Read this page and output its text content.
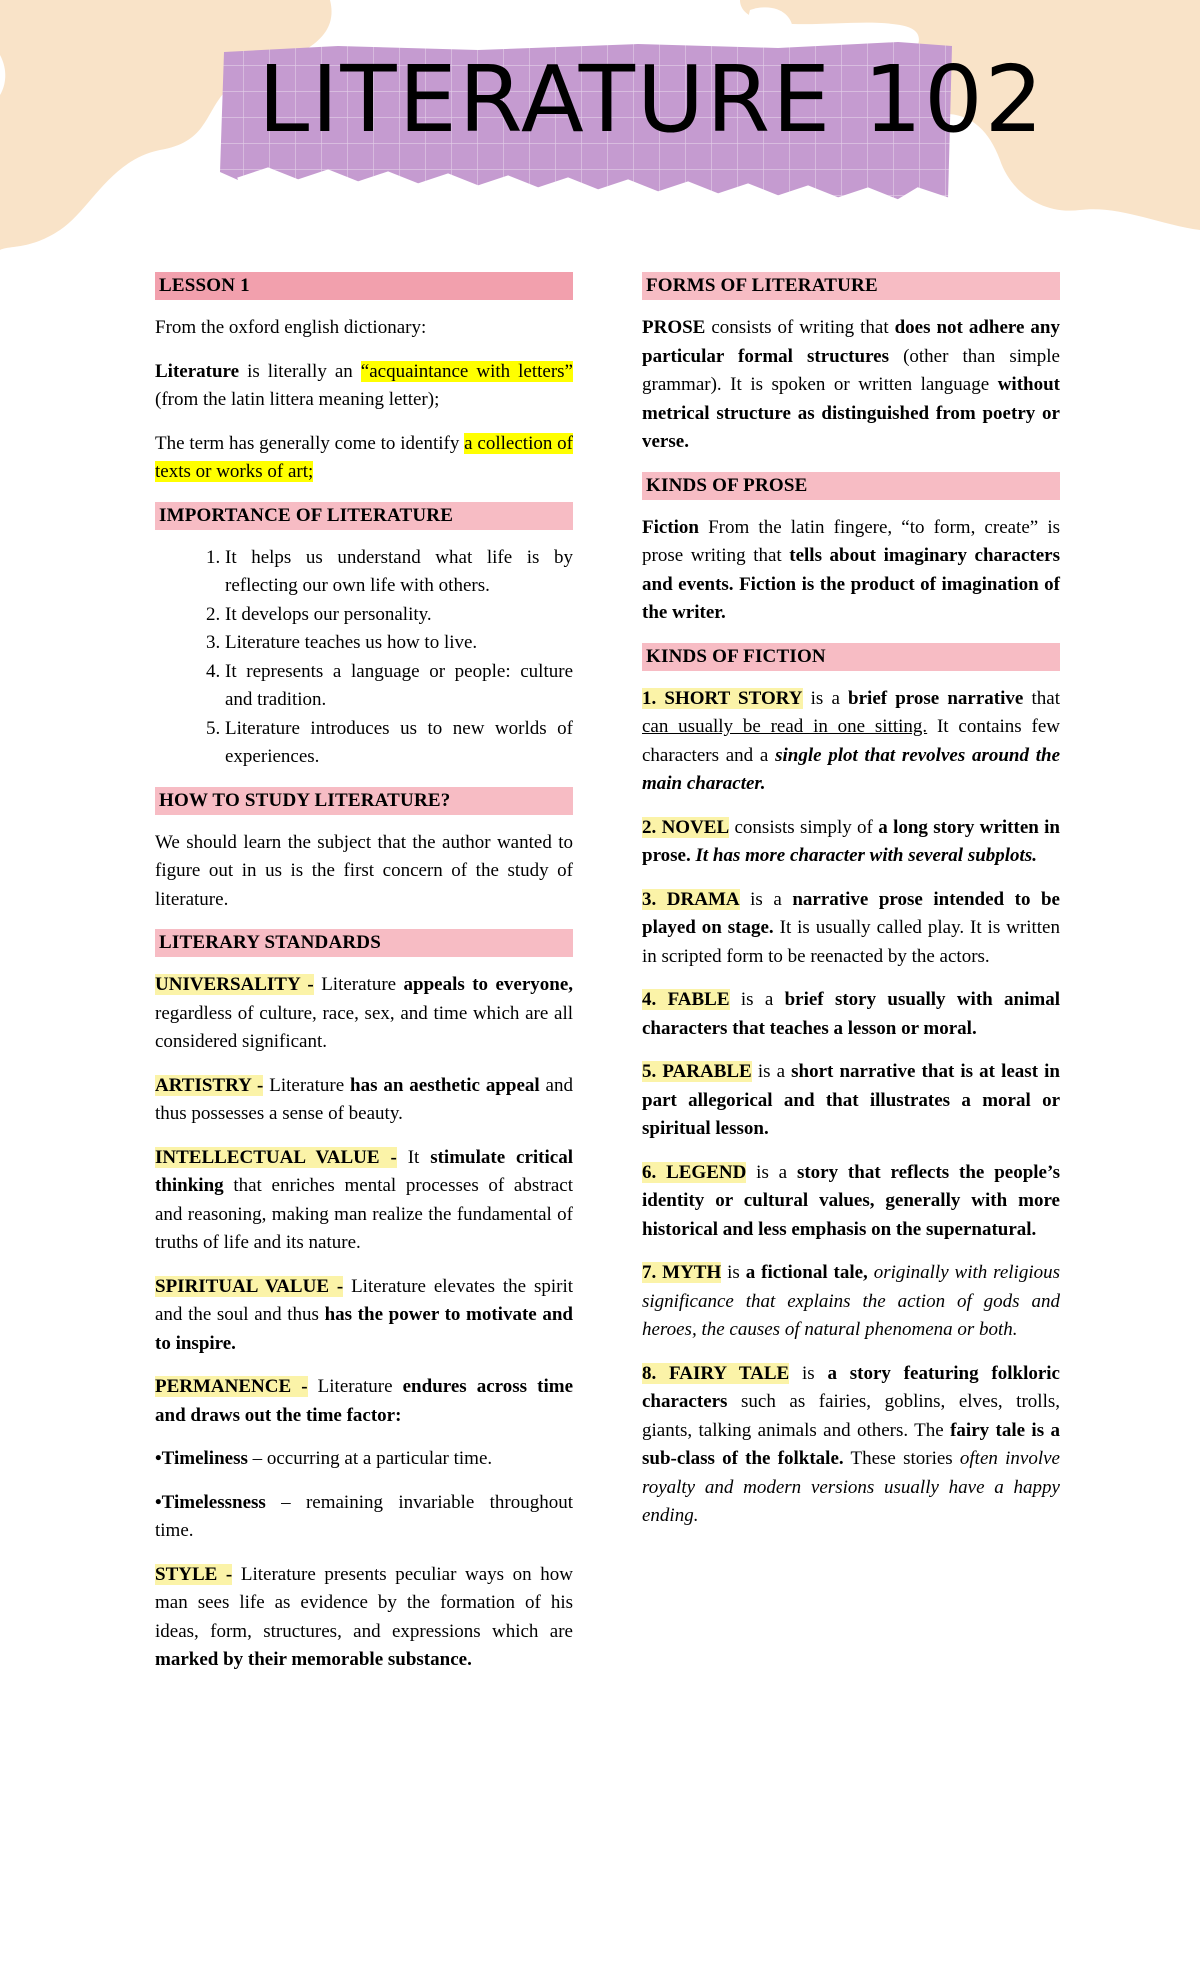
LITERATURE 102
LESSON 1

From the oxford english dictionary:

Literature is literally an “acquaintance with letters” (from the latin littera meaning letter);

The term has generally come to identify a collection of texts or works of art;

IMPORTANCE OF LITERATURE
1. It helps us understand what life is by reflecting our own life with others.
2. It develops our personality.
3. Literature teaches us how to live.
4. It represents a language or people: culture and tradition.
5. Literature introduces us to new worlds of experiences.
HOW TO STUDY LITERATURE?

We should learn the subject that the author wanted to figure out in us is the first concern of the study of literature.

LITERARY STANDARDS

UNIVERSALITY - Literature appeals to everyone, regardless of culture, race, sex, and time which are all considered significant.

ARTISTRY - Literature has an aesthetic appeal and thus possesses a sense of beauty.

INTELLECTUAL VALUE - It stimulate critical thinking that enriches mental processes of abstract and reasoning, making man realize the fundamental of truths of life and its nature.

SPIRITUAL VALUE - Literature elevates the spirit and the soul and thus has the power to motivate and to inspire.

PERMANENCE - Literature endures across time and draws out the time factor:

•Timeliness – occurring at a particular time.

•Timelessness – remaining invariable throughout time.

STYLE - Literature presents peculiar ways on how man sees life as evidence by the formation of his ideas, form, structures, and expressions which are marked by their memorable substance.

FORMS OF LITERATURE

PROSE consists of writing that does not adhere any particular formal structures (other than simple grammar). It is spoken or written language without metrical structure as distinguished from poetry or verse.

KINDS OF PROSE

Fiction From the latin fingere, “to form, create” is prose writing that tells about imaginary characters and events. Fiction is the product of imagination of the writer.

KINDS OF FICTION

1. SHORT STORY is a brief prose narrative that can usually be read in one sitting. It contains few characters and a single plot that revolves around the main character.

2. NOVEL consists simply of a long story written in prose. It has more character with several subplots.

3. DRAMA is a narrative prose intended to be played on stage. It is usually called play. It is written in scripted form to be reenacted by the actors.

4. FABLE is a brief story usually with animal characters that teaches a lesson or moral.

5. PARABLE is a short narrative that is at least in part allegorical and that illustrates a moral or spiritual lesson.

6. LEGEND is a story that reflects the people’s identity or cultural values, generally with more historical and less emphasis on the supernatural.

7. MYTH is a fictional tale, originally with religious significance that explains the action of gods and heroes, the causes of natural phenomena or both.

8. FAIRY TALE is a story featuring folkloric characters such as fairies, goblins, elves, trolls, giants, talking animals and others. The fairy tale is a sub-class of the folktale. These stories often involve royalty and modern versions usually have a happy ending.
